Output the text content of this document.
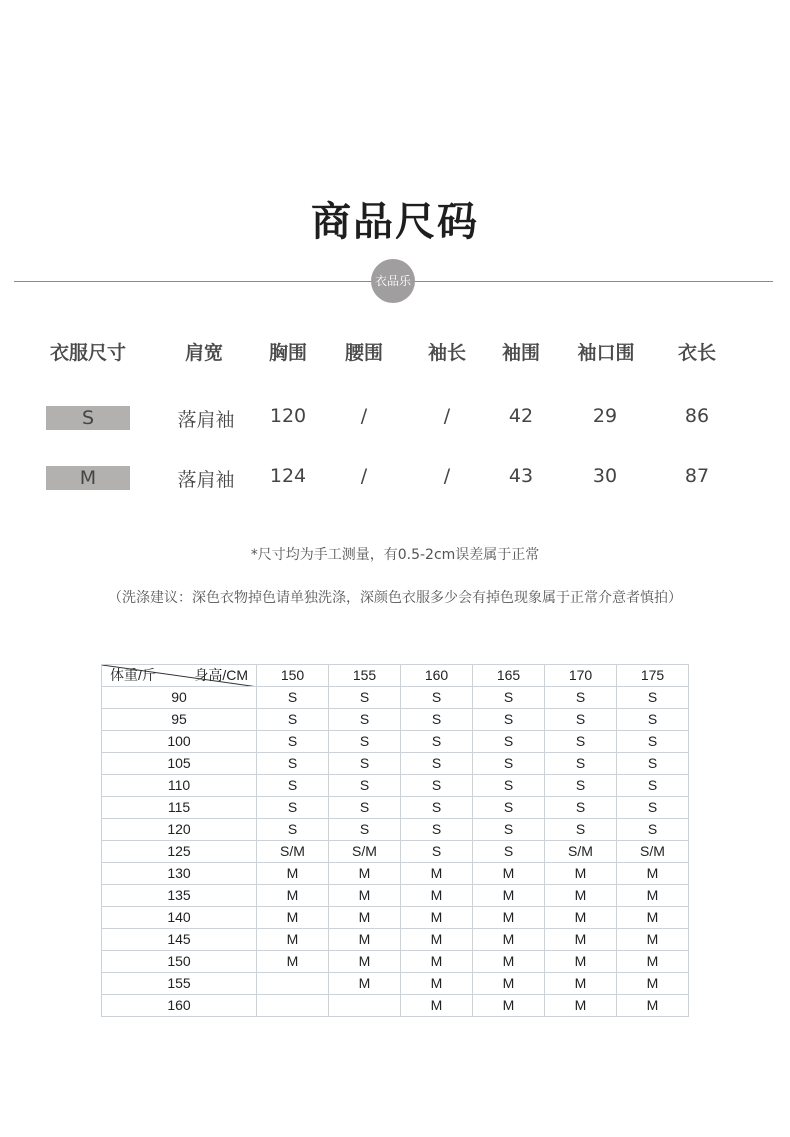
商品尺码
衣品乐
衣服尺寸	肩宽 胸围 腰围 袖长 袖围 袖口围 衣长
S	落肩袖 120	/	/	42	29	86
M	落肩袖 124	/	/	43	30	87
*尺寸均为手工测量，有0.5-2cm误差属于正常
（洗涤建议：深色衣物掉色请单独洗涤，深颜色衣服多少会有掉色现象属于正常介意者慎拍）
体重/斤 身高/CM	150	155	160	165	170	175
90	S	S	S	S	S	S
95	S	S	S	S	S	S
100	S	S	S	S	S	S
105	S	S	S	S	S	S
110	S	S	S	S	S	S
115	S	S	S	S	S	S
120	S	S	S	S	S	S
125	S/M	S/M	S	S	S/M	S/M
130	M	M	M	M	M	M
135	M	M	M	M	M	M
140	M	M	M	M	M	M
145	M	M	M	M	M	M
150	M	M	M	M	M	M
155		M	M	M	M	M
160			M	M	M	M
